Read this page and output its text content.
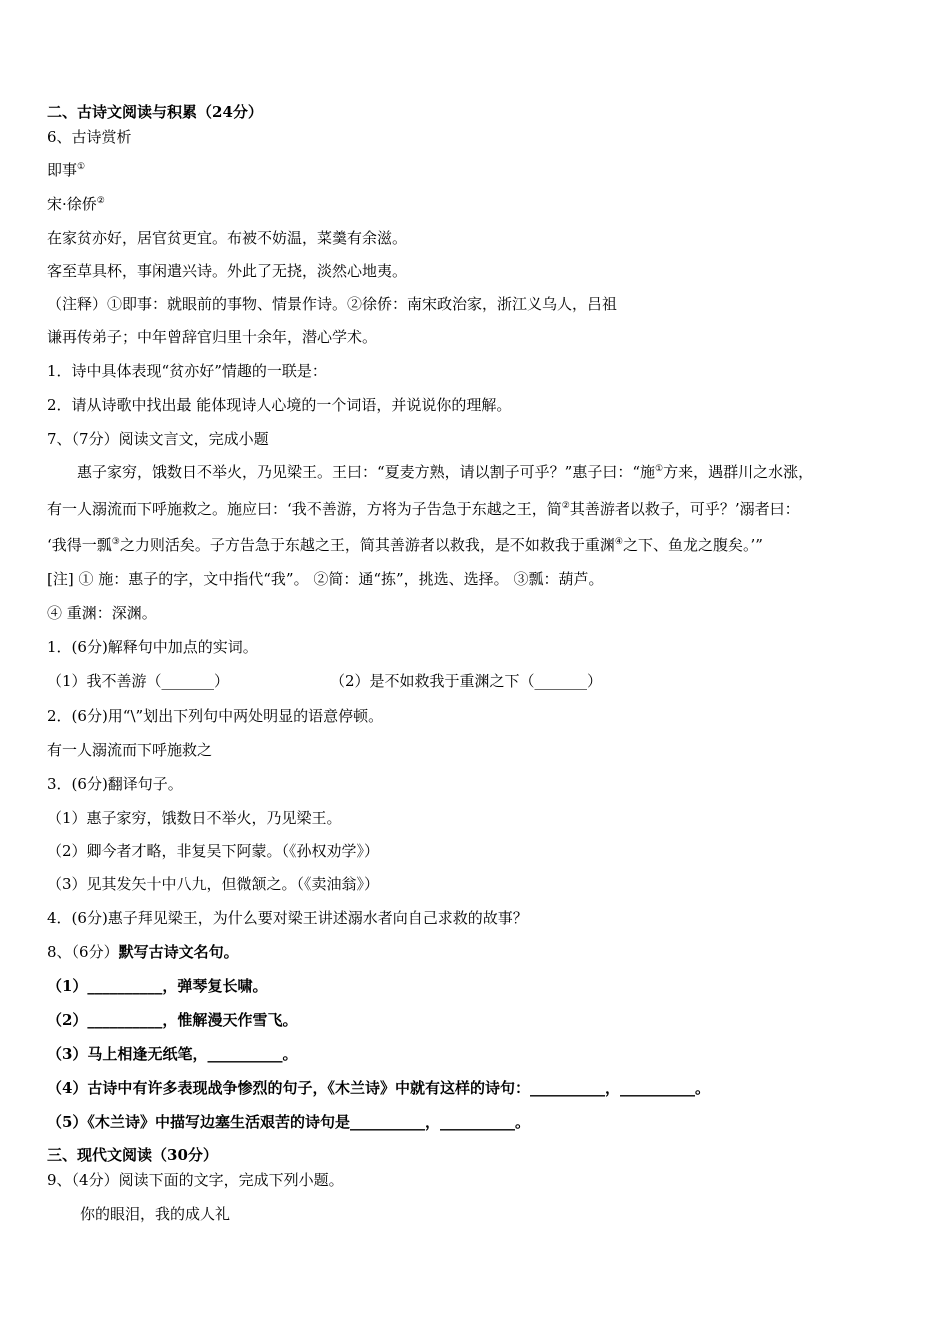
二、古诗文阅读与积累（24分）
6、古诗赏析
即事①
宋·徐侨②
在家贫亦好，居官贫更宜。布被不妨温，菜羹有余滋。
客至草具杯，事闲遣兴诗。外此了无挠，淡然心地夷。
（注释）①即事：就眼前的事物、情景作诗。②徐侨：南宋政治家，浙江义乌人，吕祖
谦再传弟子；中年曾辞官归里十余年，潜心学术。
1．诗中具体表现“贫亦好”情趣的一联是：
2．请从诗歌中找出最 能体现诗人心境的一个词语，并说说你的理解。
7、（7分）阅读文言文，完成小题
惠子家穷，饿数日不举火，乃见梁王。王曰：“夏麦方熟，请以割子可乎？”惠子曰：“施①方来，遇群川之水涨，
有一人溺流而下呼施救之。施应曰：‘我不善游，方将为子告急于东越之王，简②其善游者以救子，可乎？’溺者曰：
‘我得一瓢③之力则活矣。子方告急于东越之王，简其善游者以救我，是不如救我于重渊④之下、鱼龙之腹矣。’”
[注] ① 施：惠子的字，文中指代“我”。 ②简：通“拣”，挑选、选择。 ③瓢：葫芦。
④ 重渊：深渊。
1．(6分)解释句中加点的实词。
（1）我不善游（_______）	（2）是不如救我于重渊之下（_______）
2．(6分)用“\”划出下列句中两处明显的语意停顿。
有一人溺流而下呼施救之
3．(6分)翻译句子。
（1）惠子家穷，饿数日不举火，乃见梁王。
（2）卿今者才略，非复吴下阿蒙。（《孙权劝学》）
（3）见其发矢十中八九，但微颔之。（《卖油翁》）
4．(6分)惠子拜见梁王，为什么要对梁王讲述溺水者向自己求救的故事？
8、（6分）默写古诗文名句。
（1）__________，弹琴复长啸。
（2）__________，惟解漫天作雪飞。
（3）马上相逢无纸笔，__________。
（4）古诗中有许多表现战争惨烈的句子，《木兰诗》中就有这样的诗句：__________，__________。
（5）《木兰诗》中描写边塞生活艰苦的诗句是__________，__________。
三、现代文阅读（30分）
9、（4分）阅读下面的文字，完成下列小题。
你的眼泪，我的成人礼
